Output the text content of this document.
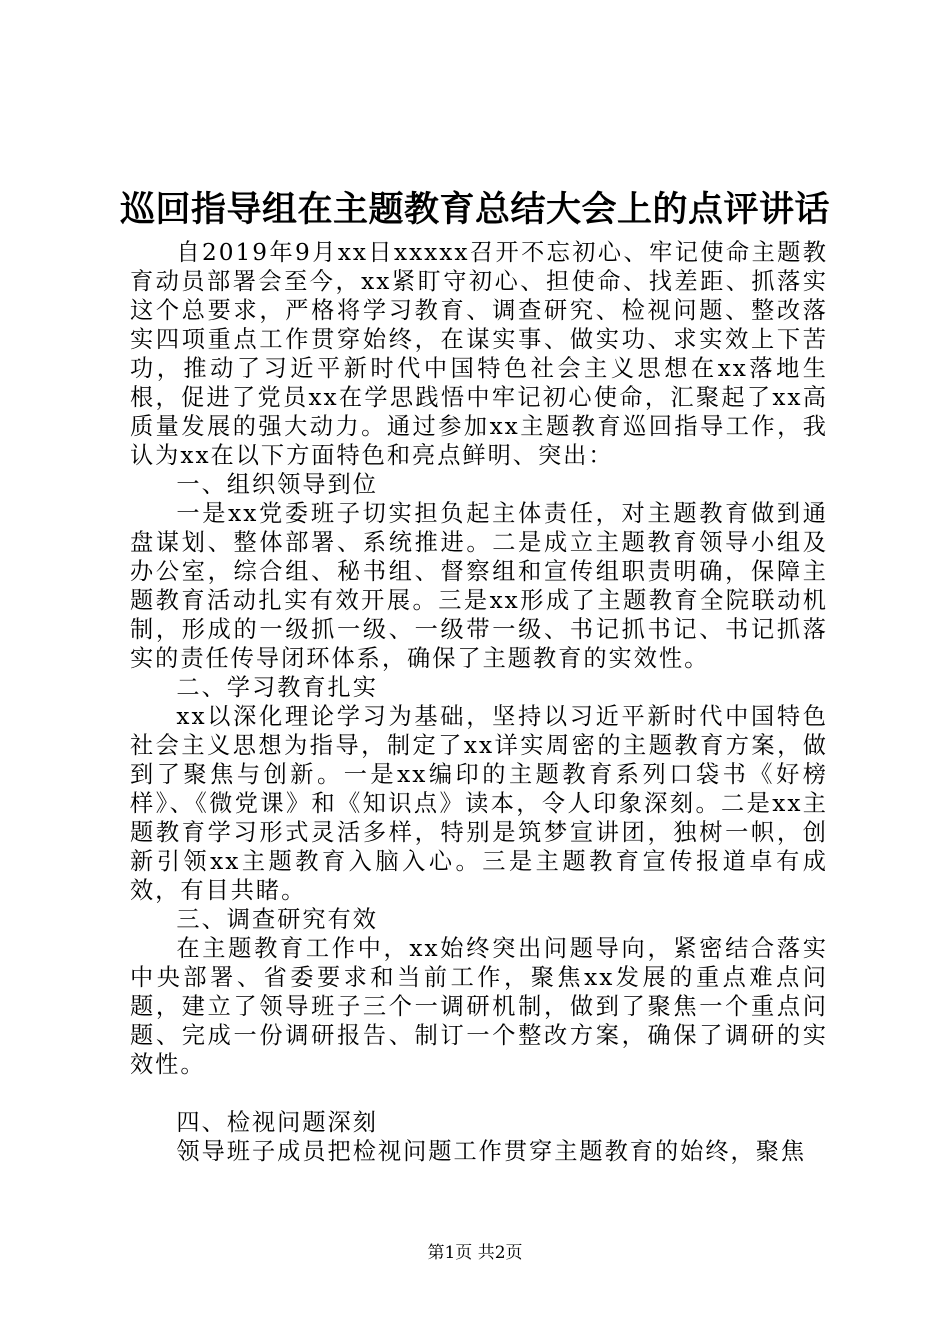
巡回指导组在主题教育总结大会上的点评讲话

自2019年9月xx日xxxxx召开不忘初心、牢记使命主题教育动员部署会至今，xx紧盯守初心、担使命、找差距、抓落实这个总要求，严格将学习教育、调查研究、检视问题、整改落实四项重点工作贯穿始终，在谋实事、做实功、求实效上下苦功，推动了习近平新时代中国特色社会主义思想在xx落地生根，促进了党员xx在学思践悟中牢记初心使命，汇聚起了xx高质量发展的强大动力。通过参加xx主题教育巡回指导工作，我认为xx在以下方面特色和亮点鲜明、突出：

一、组织领导到位

一是xx党委班子切实担负起主体责任，对主题教育做到通盘谋划、整体部署、系统推进。二是成立主题教育领导小组及办公室，综合组、秘书组、督察组和宣传组职责明确，保障主题教育活动扎实有效开展。三是xx形成了主题教育全院联动机制，形成的一级抓一级、一级带一级、书记抓书记、书记抓落实的责任传导闭环体系，确保了主题教育的实效性。

二、学习教育扎实

xx以深化理论学习为基础，坚持以习近平新时代中国特色社会主义思想为指导，制定了xx详实周密的主题教育方案，做到了聚焦与创新。一是xx编印的主题教育系列口袋书《好榜样》、《微党课》和《知识点》读本，令人印象深刻。二是xx主题教育学习形式灵活多样，特别是筑梦宣讲团，独树一帜，创新引领xx主题教育入脑入心。三是主题教育宣传报道卓有成效，有目共睹。

三、调查研究有效

在主题教育工作中，xx始终突出问题导向，紧密结合落实中央部署、省委要求和当前工作，聚焦xx发展的重点难点问题，建立了领导班子三个一调研机制，做到了聚焦一个重点问题、完成一份调研报告、制订一个整改方案，确保了调研的实效性。

四、检视问题深刻

领导班子成员把检视问题工作贯穿主题教育的始终，聚焦

第1页 共2页
